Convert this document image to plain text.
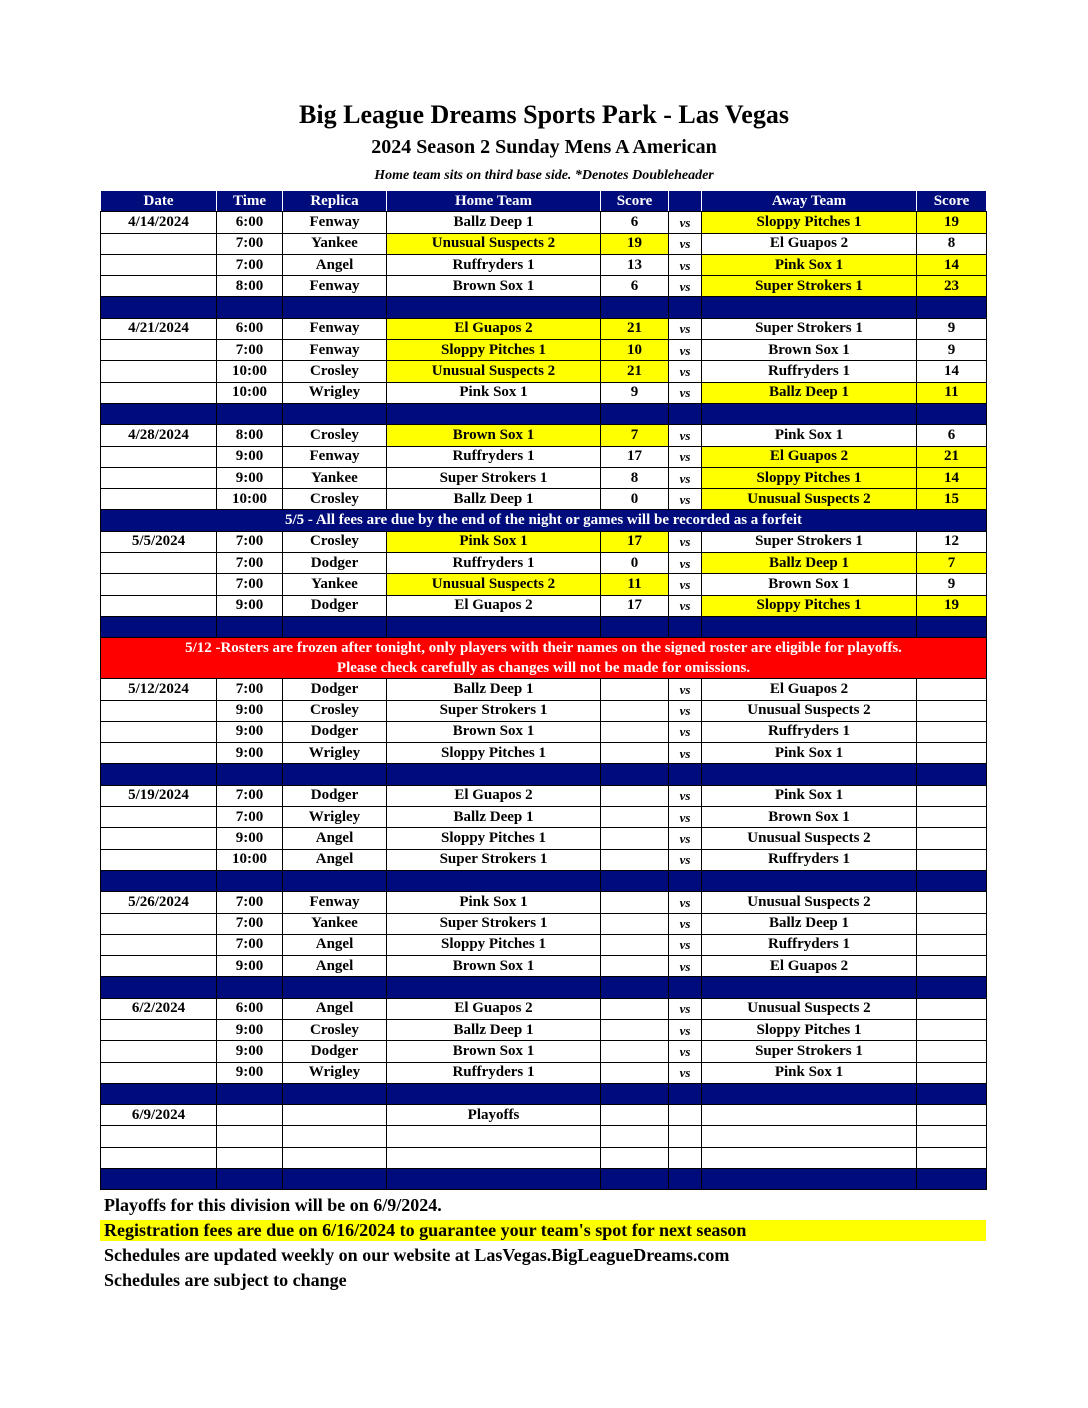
Big League Dreams Sports Park - Las Vegas
2024 Season 2 Sunday Mens A American
Home team sits on third base side. *Denotes Doubleheader
Date	Time	Replica	Home Team	Score		Away Team	Score
4/14/2024	6:00	Fenway	Ballz Deep 1	6	vs	Sloppy Pitches 1	19
	7:00	Yankee	Unusual Suspects 2	19	vs	El Guapos 2	8
	7:00	Angel	Ruffryders 1	13	vs	Pink Sox 1	14
	8:00	Fenway	Brown Sox 1	6	vs	Super Strokers 1	23

4/21/2024	6:00	Fenway	El Guapos 2	21	vs	Super Strokers 1	9
	7:00	Fenway	Sloppy Pitches 1	10	vs	Brown Sox 1	9
	10:00	Crosley	Unusual Suspects 2	21	vs	Ruffryders 1	14
	10:00	Wrigley	Pink Sox 1	9	vs	Ballz Deep 1	11

4/28/2024	8:00	Crosley	Brown Sox 1	7	vs	Pink Sox 1	6
	9:00	Fenway	Ruffryders 1	17	vs	El Guapos 2	21
	9:00	Yankee	Super Strokers 1	8	vs	Sloppy Pitches 1	14
	10:00	Crosley	Ballz Deep 1	0	vs	Unusual Suspects 2	15
5/5 - All fees are due by the end of the night or games will be recorded as a forfeit							
5/5/2024	7:00	Crosley	Pink Sox 1	17	vs	Super Strokers 1	12
	7:00	Dodger	Ruffryders 1	0	vs	Ballz Deep 1	7
	7:00	Yankee	Unusual Suspects 2	11	vs	Brown Sox 1	9
	9:00	Dodger	El Guapos 2	17	vs	Sloppy Pitches 1	19

5/12 -Rosters are frozen after tonight, only players with their names on the signed roster are eligible for playoffs.
Please check carefully as changes will not be made for omissions.							

5/12/2024	7:00	Dodger	Ballz Deep 1		vs	El Guapos 2	
	9:00	Crosley	Super Strokers 1		vs	Unusual Suspects 2	
	9:00	Dodger	Brown Sox 1		vs	Ruffryders 1	
	9:00	Wrigley	Sloppy Pitches 1		vs	Pink Sox 1	

5/19/2024	7:00	Dodger	El Guapos 2		vs	Pink Sox 1	
	7:00	Wrigley	Ballz Deep 1		vs	Brown Sox 1	
	9:00	Angel	Sloppy Pitches 1		vs	Unusual Suspects 2	
	10:00	Angel	Super Strokers 1		vs	Ruffryders 1	

5/26/2024	7:00	Fenway	Pink Sox 1		vs	Unusual Suspects 2	
	7:00	Yankee	Super Strokers 1		vs	Ballz Deep 1	
	7:00	Angel	Sloppy Pitches 1		vs	Ruffryders 1	
	9:00	Angel	Brown Sox 1		vs	El Guapos 2	

6/2/2024	6:00	Angel	El Guapos 2		vs	Unusual Suspects 2	
	9:00	Crosley	Ballz Deep 1		vs	Sloppy Pitches 1	
	9:00	Dodger	Brown Sox 1		vs	Super Strokers 1	
	9:00	Wrigley	Ruffryders 1		vs	Pink Sox 1	

6/9/2024			Playoffs				

Playoffs for this division will be on 6/9/2024.
Registration fees are due on 6/16/2024 to guarantee your team's spot for next season
Schedules are updated weekly on our website at LasVegas.BigLeagueDreams.com
Schedules are subject to change
